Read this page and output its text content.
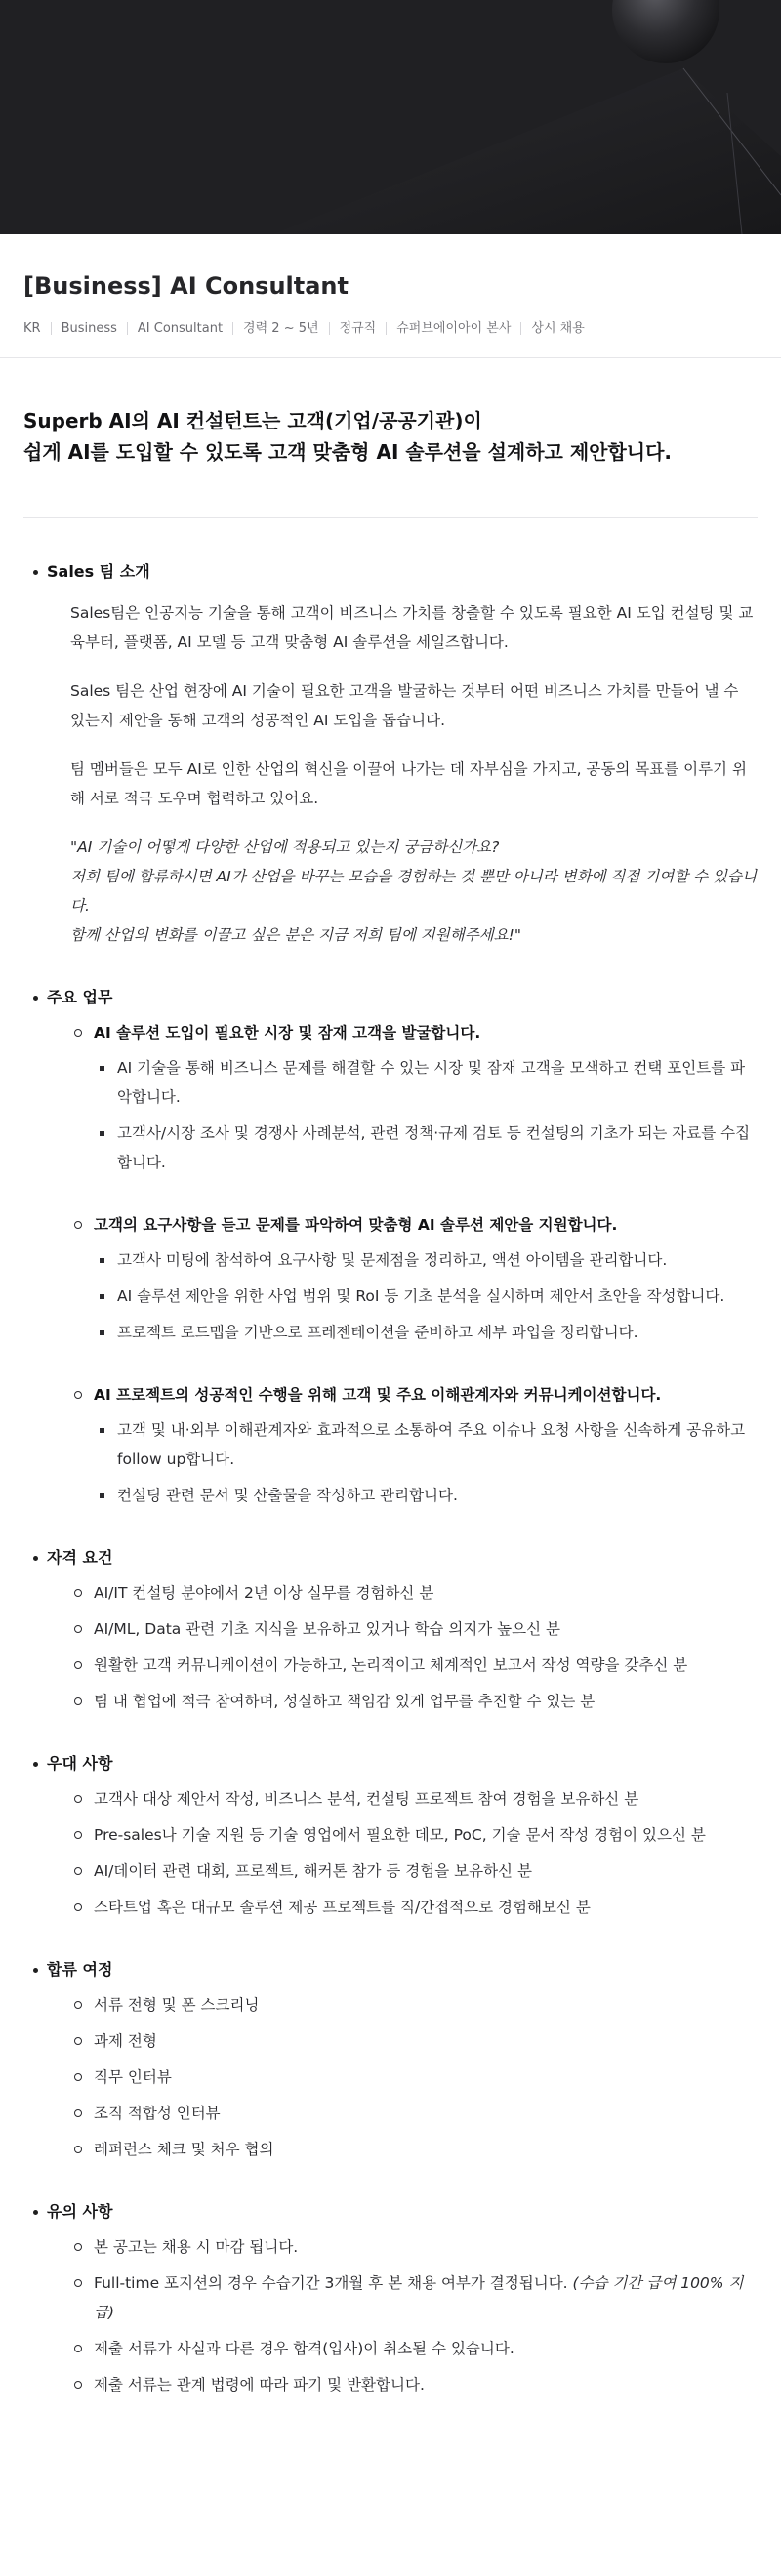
[Business] AI Consultant
KR	Business	AI Consultant	경력 2 ~ 5년	정규직	슈퍼브에이아이 본사	상시 채용
Superb AI의 AI 컨설턴트는 고객(기업/공공기관)이
쉽게 AI를 도입할 수 있도록 고객 맞춤형 AI 솔루션을 설계하고 제안합니다.
Sales 팀 소개

Sales팀은 인공지능 기술을 통해 고객이 비즈니스 가치를 창출할 수 있도록 필요한 AI 도입 컨설팅 및 교육부터, 플랫폼, AI 모델 등 고객 맞춤형 AI 솔루션을 세일즈합니다.

Sales 팀은 산업 현장에 AI 기술이 필요한 고객을 발굴하는 것부터 어떤 비즈니스 가치를 만들어 낼 수 있는지 제안을 통해 고객의 성공적인 AI 도입을 돕습니다.

팀 멤버들은 모두 AI로 인한 산업의 혁신을 이끌어 나가는 데 자부심을 가지고, 공동의 목표를 이루기 위해 서로 적극 도우며 협력하고 있어요.

"AI 기술이 어떻게 다양한 산업에 적용되고 있는지 궁금하신가요?
저희 팀에 합류하시면 AI가 산업을 바꾸는 모습을 경험하는 것 뿐만 아니라 변화에 직접 기여할 수 있습니다.
함께 산업의 변화를 이끌고 싶은 분은 지금 저희 팀에 지원해주세요!"
주요 업무
AI 솔루션 도입이 필요한 시장 및 잠재 고객을 발굴합니다.
AI 기술을 통해 비즈니스 문제를 해결할 수 있는 시장 및 잠재 고객을 모색하고 컨택 포인트를 파악합니다.
고객사/시장 조사 및 경쟁사 사례분석, 관련 정책·규제 검토 등 컨설팅의 기초가 되는 자료를 수집합니다.
고객의 요구사항을 듣고 문제를 파악하여 맞춤형 AI 솔루션 제안을 지원합니다.
고객사 미팅에 참석하여 요구사항 및 문제점을 정리하고, 액션 아이템을 관리합니다.
AI 솔루션 제안을 위한 사업 범위 및 RoI 등 기초 분석을 실시하며 제안서 초안을 작성합니다.
프로젝트 로드맵을 기반으로 프레젠테이션을 준비하고 세부 과업을 정리합니다.
AI 프로젝트의 성공적인 수행을 위해 고객 및 주요 이해관계자와 커뮤니케이션합니다.
고객 및 내·외부 이해관계자와 효과적으로 소통하여 주요 이슈나 요청 사항을 신속하게 공유하고 follow up합니다.
컨설팅 관련 문서 및 산출물을 작성하고 관리합니다.
자격 요건
AI/IT 컨설팅 분야에서 2년 이상 실무를 경험하신 분
AI/ML, Data 관련 기초 지식을 보유하고 있거나 학습 의지가 높으신 분
원활한 고객 커뮤니케이션이 가능하고, 논리적이고 체계적인 보고서 작성 역량을 갖추신 분
팀 내 협업에 적극 참여하며, 성실하고 책임감 있게 업무를 추진할 수 있는 분
우대 사항
고객사 대상 제안서 작성, 비즈니스 분석, 컨설팅 프로젝트 참여 경험을 보유하신 분
Pre-sales나 기술 지원 등 기술 영업에서 필요한 데모, PoC, 기술 문서 작성 경험이 있으신 분
AI/데이터 관련 대회, 프로젝트, 해커톤 참가 등 경험을 보유하신 분
스타트업 혹은 대규모 솔루션 제공 프로젝트를 직/간접적으로 경험해보신 분
합류 여정
서류 전형 및 폰 스크리닝
과제 전형
직무 인터뷰
조직 적합성 인터뷰
레퍼런스 체크 및 처우 협의
유의 사항
본 공고는 채용 시 마감 됩니다.
Full-time 포지션의 경우 수습기간 3개월 후 본 채용 여부가 결정됩니다. (수습 기간 급여 100% 지급)
제출 서류가 사실과 다른 경우 합격(입사)이 취소될 수 있습니다.
제출 서류는 관계 법령에 따라 파기 및 반환합니다.
